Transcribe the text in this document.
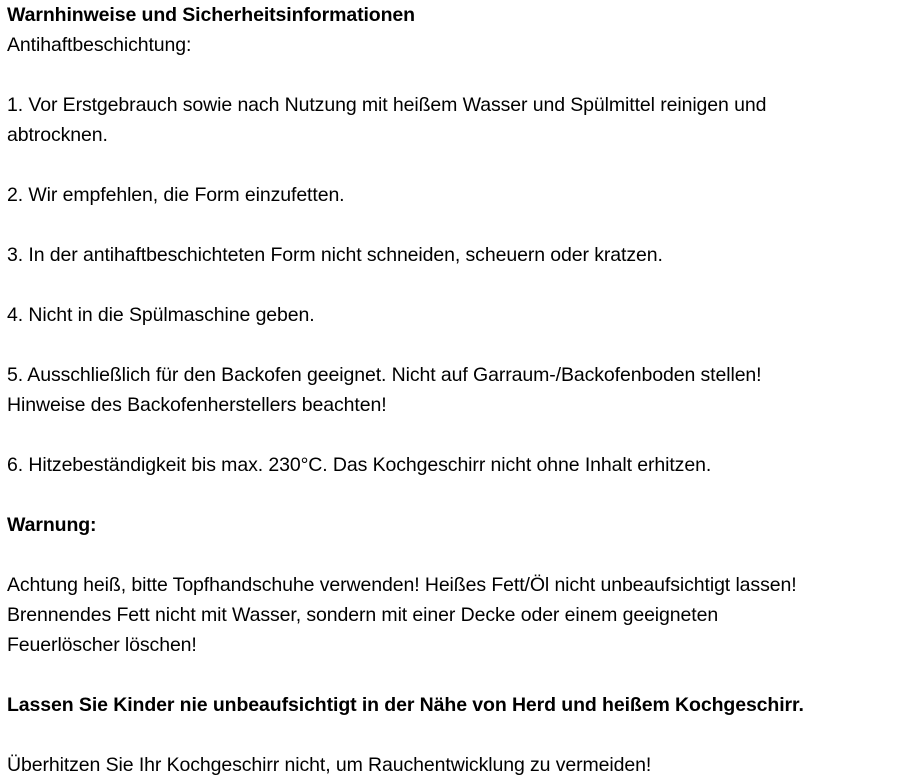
Warnhinweise und Sicherheitsinformationen
Antihaftbeschichtung:
1. Vor Erstgebrauch sowie nach Nutzung mit heißem Wasser und Spülmittel reinigen und
abtrocknen.
2. Wir empfehlen, die Form einzufetten.
3. In der antihaftbeschichteten Form nicht schneiden, scheuern oder kratzen.
4. Nicht in die Spülmaschine geben.
5. Ausschließlich für den Backofen geeignet. Nicht auf Garraum-/Backofenboden stellen!
Hinweise des Backofenherstellers beachten!
6. Hitzebeständigkeit bis max. 230°C. Das Kochgeschirr nicht ohne Inhalt erhitzen.
Warnung:
Achtung heiß, bitte Topfhandschuhe verwenden! Heißes Fett/Öl nicht unbeaufsichtigt lassen!
Brennendes Fett nicht mit Wasser, sondern mit einer Decke oder einem geeigneten
Feuerlöscher löschen!
Lassen Sie Kinder nie unbeaufsichtigt in der Nähe von Herd und heißem Kochgeschirr.
Überhitzen Sie Ihr Kochgeschirr nicht, um Rauchentwicklung zu vermeiden!
